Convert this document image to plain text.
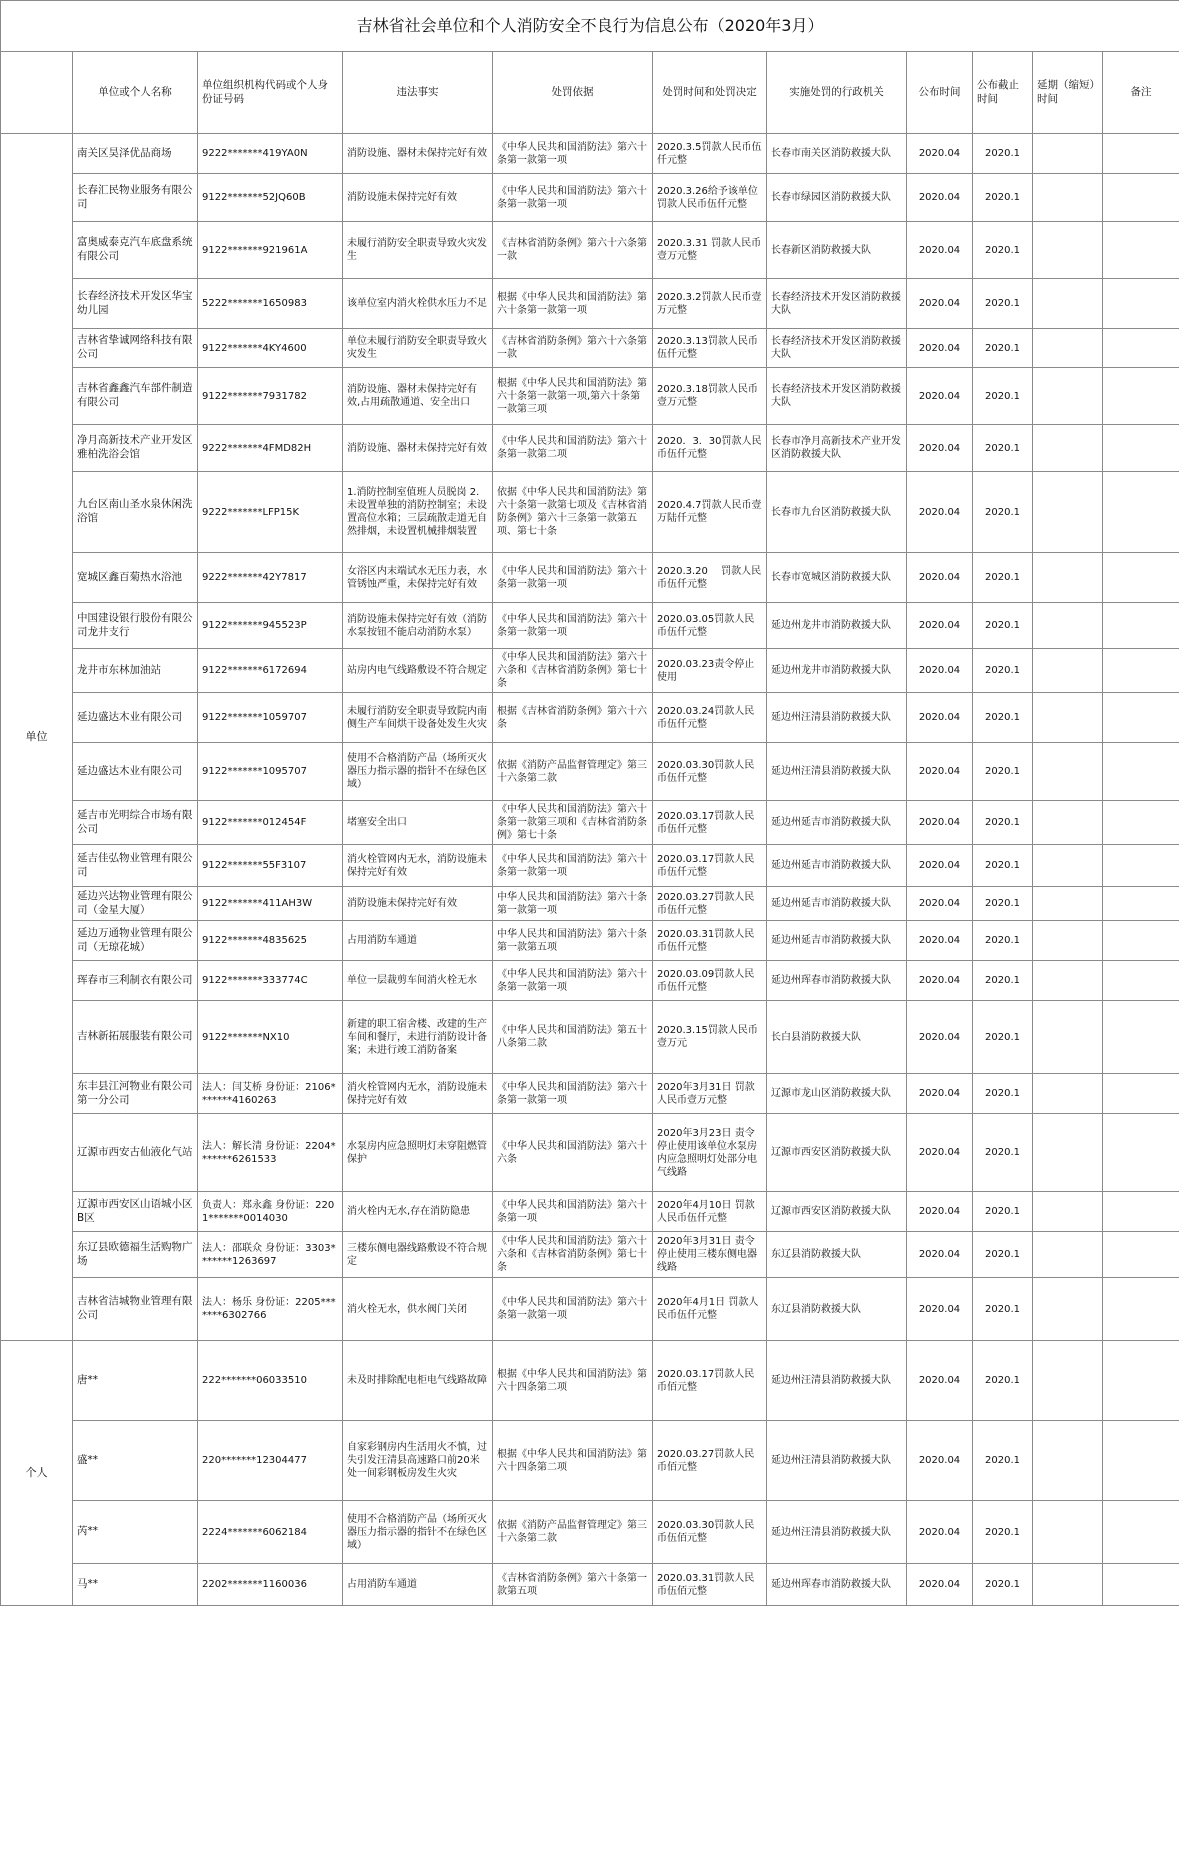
吉林省社会单位和个人消防安全不良行为信息公布（2020年3月）										
	单位或个人名称	单位组织机构代码或个人身份证号码	违法事实	处罚依据	处罚时间和处罚决定	实施处罚的行政机关	公布时间	公布截止时间	延期（缩短）时间	备注
单位	南关区昊泽优品商场	9222*******419YA0N	消防设施、器材未保持完好有效	《中华人民共和国消防法》第六十条第一款第一项	2020.3.5罚款人民币伍仟元整	长春市南关区消防救援大队	2020.04	2020.1		
	长春汇民物业服务有限公司	9122*******52JQ60B	消防设施未保持完好有效	《中华人民共和国消防法》第六十条第一款第一项	2020.3.26给予该单位罚款人民币伍仟元整	长春市绿园区消防救援大队	2020.04	2020.1		
	富奥威泰克汽车底盘系统有限公司	9122*******921961A	未履行消防安全职责导致火灾发生	《吉林省消防条例》第六十六条第一款	2020.3.31 罚款人民币壹万元整	长春新区消防救援大队	2020.04	2020.1		
	长春经济技术开发区华宝幼儿园	5222*******1650983	该单位室内消火栓供水压力不足	根据《中华人民共和国消防法》第六十条第一款第一项	2020.3.2罚款人民币壹万元整	长春经济技术开发区消防救援大队	2020.04	2020.1		
	吉林省挚诚网络科技有限公司	9122*******4KY4600	单位未履行消防安全职责导致火灾发生	《吉林省消防条例》第六十六条第一款	2020.3.13罚款人民币伍仟元整	长春经济技术开发区消防救援大队	2020.04	2020.1		
	吉林省鑫鑫汽车部件制造有限公司	9122*******7931782	消防设施、器材未保持完好有效,占用疏散通道、安全出口	根据《中华人民共和国消防法》第六十条第一款第一项,第六十条第一款第三项	2020.3.18罚款人民币壹万元整	长春经济技术开发区消防救援大队	2020.04	2020.1		
	净月高新技术产业开发区雅柏洗浴会馆	9222*******4FMD82H	消防设施、器材未保持完好有效	《中华人民共和国消防法》第六十条第一款第二项	2020．3．30罚款人民币伍仟元整	长春市净月高新技术产业开发区消防救援大队	2020.04	2020.1		
	九台区南山圣水泉休闲洗浴馆	9222*******LFP15K	1.消防控制室值班人员脱岗 2.未设置单独的消防控制室；未设置高位水箱；三层疏散走道无自然排烟，未设置机械排烟装置	依据《中华人民共和国消防法》第六十条第一款第七项及《吉林省消防条例》第六十三条第一款第五项、第七十条	2020.4.7罚款人民币壹万陆仟元整	长春市九台区消防救援大队	2020.04	2020.1		
	宽城区鑫百菊热水浴池	9222*******42Y7817	女浴区内末端试水无压力表，水管锈蚀严重，未保持完好有效	《中华人民共和国消防法》第六十条第一款第一项	2020.3.20　 罚款人民币伍仟元整	长春市宽城区消防救援大队	2020.04	2020.1		
	中国建设银行股份有限公司龙井支行	9122*******945523P	消防设施未保持完好有效（消防水泵按钮不能启动消防水泵）	《中华人民共和国消防法》第六十条第一款第一项	2020.03.05罚款人民币伍仟元整	延边州龙井市消防救援大队	2020.04	2020.1		
	龙井市东林加油站	9122*******6172694	站房内电气线路敷设不符合规定	《中华人民共和国消防法》第六十六条和《吉林省消防条例》第七十条	2020.03.23责令停止使用	延边州龙井市消防救援大队	2020.04	2020.1		
	延边盛达木业有限公司	9122*******1059707	未履行消防安全职责导致院内南侧生产车间烘干设备处发生火灾	根据《吉林省消防条例》第六十六条	2020.03.24罚款人民币伍仟元整	延边州汪清县消防救援大队	2020.04	2020.1		
	延边盛达木业有限公司	9122*******1095707	使用不合格消防产品（场所灭火器压力指示器的指针不在绿色区域）	依据《消防产品监督管理定》第三十六条第二款	2020.03.30罚款人民币伍仟元整	延边州汪清县消防救援大队	2020.04	2020.1		
	延吉市光明综合市场有限公司	9122*******012454F	堵塞安全出口	《中华人民共和国消防法》第六十条第一款第三项和《吉林省消防条例》第七十条	2020.03.17罚款人民币伍仟元整	延边州延吉市消防救援大队	2020.04	2020.1		
	延吉佳弘物业管理有限公司	9122*******55F3107	消火栓管网内无水，消防设施未保持完好有效	《中华人民共和国消防法》第六十条第一款第一项	2020.03.17罚款人民币伍仟元整	延边州延吉市消防救援大队	2020.04	2020.1		
	延边兴达物业管理有限公司（金星大厦）	9122*******411AH3W	消防设施未保持完好有效	中华人民共和国消防法》第六十条第一款第一项	2020.03.27罚款人民币伍仟元整	延边州延吉市消防救援大队	2020.04	2020.1		
	延边万通物业管理有限公司（无琼花城）	9122*******4835625	占用消防车通道	中华人民共和国消防法》第六十条第一款第五项	2020.03.31罚款人民币伍仟元整	延边州延吉市消防救援大队	2020.04	2020.1		
	珲春市三利制衣有限公司	9122*******333774C	单位一层裁剪车间消火栓无水	《中华人民共和国消防法》第六十条第一款第一项	2020.03.09罚款人民币伍仟元整	延边州珲春市消防救援大队	2020.04	2020.1		
	吉林新拓展服装有限公司	9122*******NX10	新建的职工宿舍楼、改建的生产车间和餐厅，未进行消防设计备案；未进行竣工消防备案	《中华人民共和国消防法》第五十八条第二款	2020.3.15罚款人民币壹万元	长白县消防救援大队	2020.04	2020.1		
	东丰县江河物业有限公司第一分公司	法人：闫艾桥 身份证：2106*******4160263	消火栓管网内无水，消防设施未保持完好有效	《中华人民共和国消防法》第六十条第一款第一项	2020年3月31日 罚款人民币壹万元整	辽源市龙山区消防救援大队	2020.04	2020.1		
	辽源市西安古仙液化气站	法人：解长清 身份证：2204*******6261533	水泵房内应急照明灯未穿阻燃管保护	《中华人民共和国消防法》第六十六条	2020年3月23日 责令停止使用该单位水泵房内应急照明灯处部分电气线路	辽源市西安区消防救援大队	2020.04	2020.1		
	辽源市西安区山语城小区B区	负责人：郑永鑫 身份证：2201*******0014030	消火栓内无水,存在消防隐患	《中华人民共和国消防法》第六十条第一项	2020年4月10日 罚款人民币伍仟元整	辽源市西安区消防救援大队	2020.04	2020.1		
	东辽县欧德福生活购物广场	法人：邵联众 身份证：3303*******1263697	三楼东侧电器线路敷设不符合规定	《中华人民共和国消防法》第六十六条和《吉林省消防条例》第七十条	2020年3月31日 责令停止使用三楼东侧电器线路	东辽县消防救援大队	2020.04	2020.1		
	吉林省洁城物业管理有限公司	法人：杨乐 身份证：2205*******6302766	消火栓无水，供水阀门关闭	《中华人民共和国消防法》第六十条第一款第一项	2020年4月1日 罚款人民币伍仟元整	东辽县消防救援大队	2020.04	2020.1		
个人	唐**	222*******06033510	未及时排除配电柜电气线路故障	根据《中华人民共和国消防法》第六十四条第二项	2020.03.17罚款人民币佰元整	延边州汪清县消防救援大队	2020.04	2020.1		
	盛**	220*******12304477	自家彩钢房内生活用火不慎，过失引发汪清县高速路口前20米处一间彩钢板房发生火灾	根据《中华人民共和国消防法》第六十四条第二项	2020.03.27罚款人民币佰元整	延边州汪清县消防救援大队	2020.04	2020.1		
	芮**	2224*******6062184	使用不合格消防产品（场所灭火器压力指示器的指针不在绿色区域）	依据《消防产品监督管理定》第三十六条第二款	2020.03.30罚款人民币伍佰元整	延边州汪清县消防救援大队	2020.04	2020.1		
	马**	2202*******1160036	占用消防车通道	《吉林省消防条例》第六十条第一款第五项	2020.03.31罚款人民币伍佰元整	延边州珲春市消防救援大队	2020.04	2020.1		
